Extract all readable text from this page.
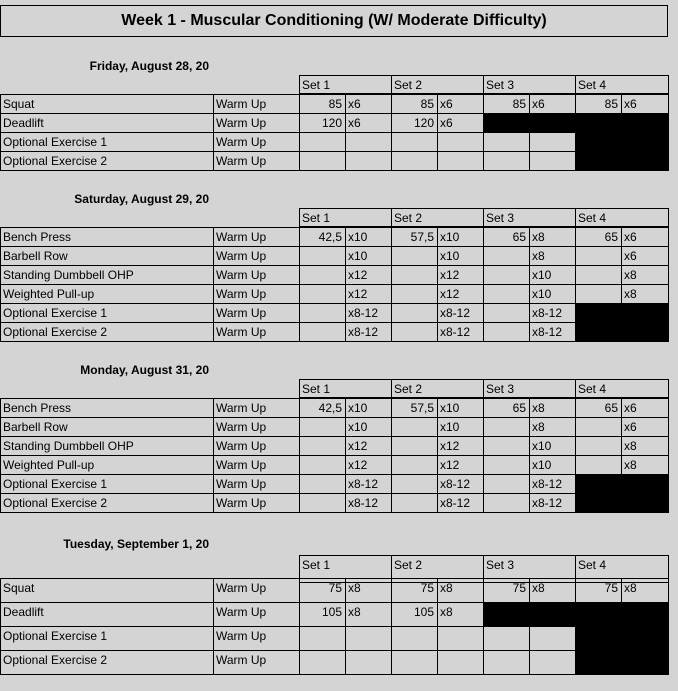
Week 1 - Muscular Conditioning (W/ Moderate Difficulty)
Friday, August 28, 20
Set 1	Set 2	Set 3	Set 4
Squat	Warm Up	85 x6	85 x6	85 x6	85 x6
Deadlift	Warm Up	120 x6	120 x6
Optional Exercise 1	Warm Up
Optional Exercise 2	Warm Up
Saturday, August 29, 20
Set 1	Set 2	Set 3	Set 4
Bench Press	Warm Up	42,5 x10	57,5 x10	65 x8	65 x6
Barbell Row	Warm Up	x10	x10	x8	x6
Standing Dumbbell OHP	Warm Up	x12	x12	x10	x8
Weighted Pull-up	Warm Up	x12	x12	x10	x8
Optional Exercise 1	Warm Up	x8-12	x8-12	x8-12
Optional Exercise 2	Warm Up	x8-12	x8-12	x8-12
Monday, August 31, 20
Set 1	Set 2	Set 3	Set 4
Bench Press	Warm Up	42,5 x10	57,5 x10	65 x8	65 x6
Barbell Row	Warm Up	x10	x10	x8	x6
Standing Dumbbell OHP	Warm Up	x12	x12	x10	x8
Weighted Pull-up	Warm Up	x12	x12	x10	x8
Optional Exercise 1	Warm Up	x8-12	x8-12	x8-12
Optional Exercise 2	Warm Up	x8-12	x8-12	x8-12
Tuesday, September 1, 20
Set 1	Set 2	Set 3	Set 4
Squat	Warm Up	75 x8	75 x8	75 x8	75 x8
Deadlift	Warm Up	105 x8	105 x8
Optional Exercise 1	Warm Up
Optional Exercise 2	Warm Up
